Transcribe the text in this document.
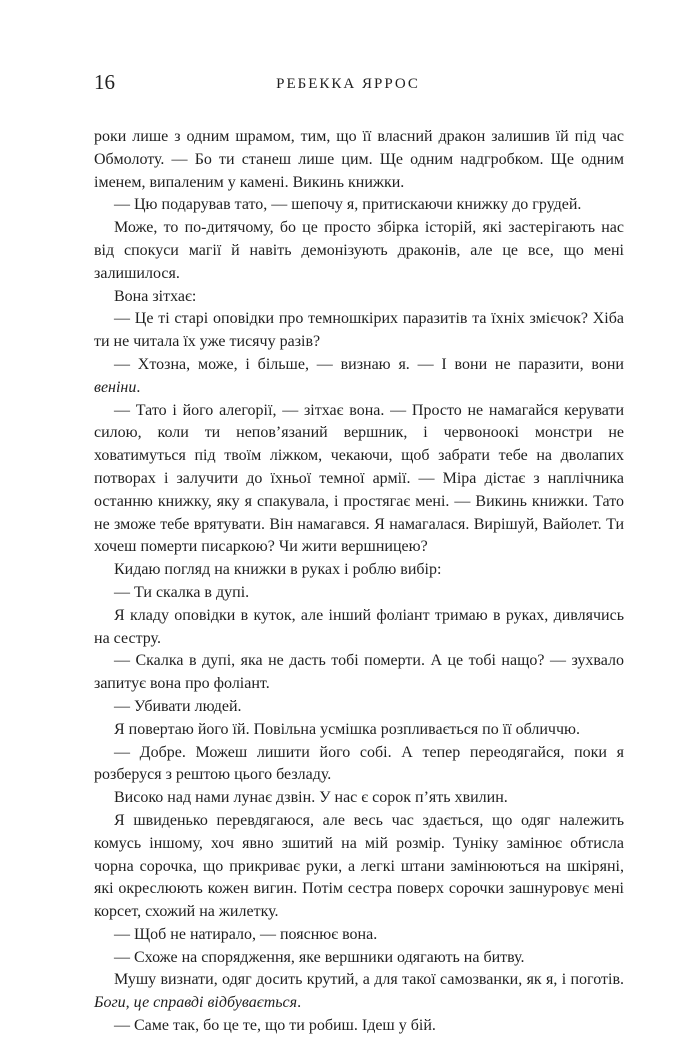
16	РЕБЕККА ЯРРОС

роки лише з одним шрамом, тим, що її власний дракон залишив їй під час Обмолоту. — Бо ти станеш лише цим. Ще одним надгробком. Ще одним іменем, випаленим у камені. Викинь книжки.

— Цю подарував тато, — шепочу я, притискаючи книжку до грудей.

Може, то по-дитячому, бо це просто збірка історій, які застерігають нас від спокуси магії й навіть демонізують драконів, але це все, що мені залишилося.

Вона зітхає:

— Це ті старі оповідки про темношкірих паразитів та їхніх змієчок? Хіба ти не читала їх уже тисячу разів?

— Хтозна, може, і більше, — визнаю я. — І вони не паразити, вони веніни.

— Тато і його алегорії, — зітхає вона. — Просто не намагайся керувати силою, коли ти непов’язаний вершник, і червоноокі монстри не ховатимуться під твоїм ліжком, чекаючи, щоб забрати тебе на дволапих потворах і залучити до їхньої темної армії. — Міра дістає з наплічника останню книжку, яку я спакувала, і простягає мені. — Викинь книжки. Тато не зможе тебе врятувати. Він намагався. Я намагалася. Вирішуй, Вайолет. Ти хочеш померти писаркою? Чи жити вершницею?

Кидаю погляд на книжки в руках і роблю вибір:

— Ти скалка в дупі.

Я кладу оповідки в куток, але інший фоліант тримаю в руках, дивлячись на сестру.

— Скалка в дупі, яка не дасть тобі померти. А це тобі нащо? — зухвало запитує вона про фоліант.

— Убивати людей.

Я повертаю його їй. Повільна усмішка розпливається по її обличчю.

— Добре. Можеш лишити його собі. А тепер переодягайся, поки я розберуся з рештою цього безладу.

Високо над нами лунає дзвін. У нас є сорок п’ять хвилин.

Я швиденько перевдягаюся, але весь час здається, що одяг належить комусь іншому, хоч явно зшитий на мій розмір. Туніку замінює обтисла чорна сорочка, що прикриває руки, а легкі штани замінюються на шкіряні, які окреслюють кожен вигин. Потім сестра поверх сорочки зашнуровує мені корсет, схожий на жилетку.

— Щоб не натирало, — пояснює вона.

— Схоже на спорядження, яке вершники одягають на битву.

Мушу визнати, одяг досить крутий, а для такої самозванки, як я, і поготів. Боги, це справді відбувається.

— Саме так, бо це те, що ти робиш. Ідеш у бій.
